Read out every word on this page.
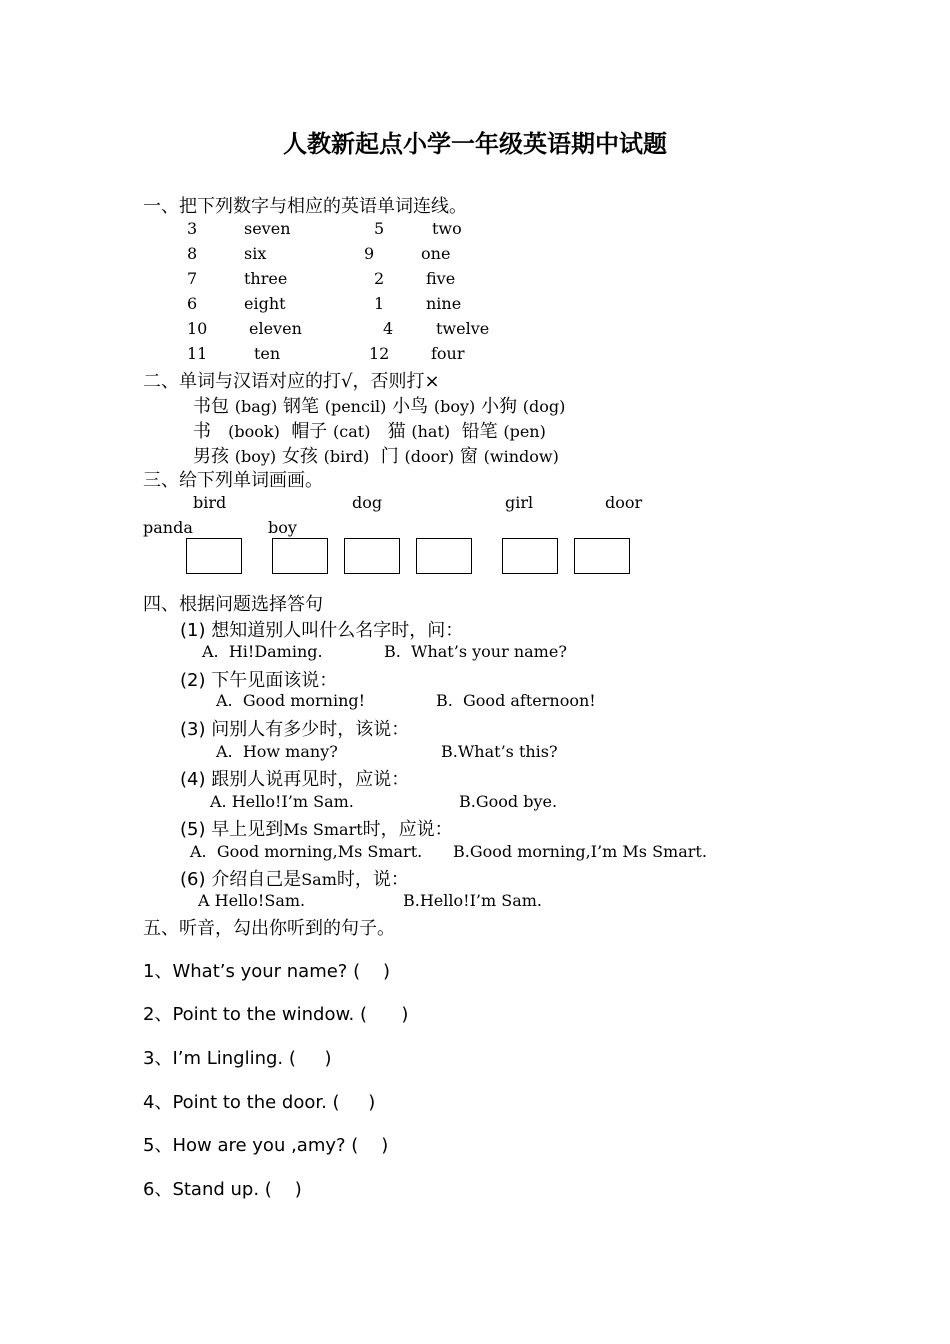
人教新起点小学一年级英语期中试题
一、把下列数字与相应的英语单词连线。
3	seven	5	two
8	six	9	one
7	three	2	five
6	eight	1	nine
10	eleven	4	twelve
11	ten	12	four
二、单词与汉语对应的打√，否则打×
书包 (bag) 钢笔 (pencil) 小鸟 (boy) 小狗 (dog)
书 (book) 帽子 (cat) 猫 (hat) 铅笔 (pen)
男孩 (boy) 女孩 (bird) 门 (door) 窗 (window)
三、给下列单词画画。
bird	dog	girl	door
panda	boy
四、根据问题选择答句
(1) 想知道别人叫什么名字时，问：
A.  Hi!Daming.	B.  What’s your name?
(2) 下午见面该说：
A.  Good morning!	B.  Good afternoon!
(3) 问别人有多少时，该说：
A.  How many?	B.What’s this?
(4) 跟别人说再见时，应说：
A. Hello!I’m Sam.	B.Good bye.
(5) 早上见到Ms Smart时，应说：
A.  Good morning,Ms Smart. B.Good morning,I’m Ms Smart.
(6) 介绍自己是Sam时，说：
A Hello!Sam.	B.Hello!I’m Sam.
五、听音，勾出你听到的句子。
1、What’s your name? (    )
2、Point to the window. (      )
3、I’m Lingling. (     )
4、Point to the door. (     )
5、How are you ,amy? (    )
6、Stand up. (    )
